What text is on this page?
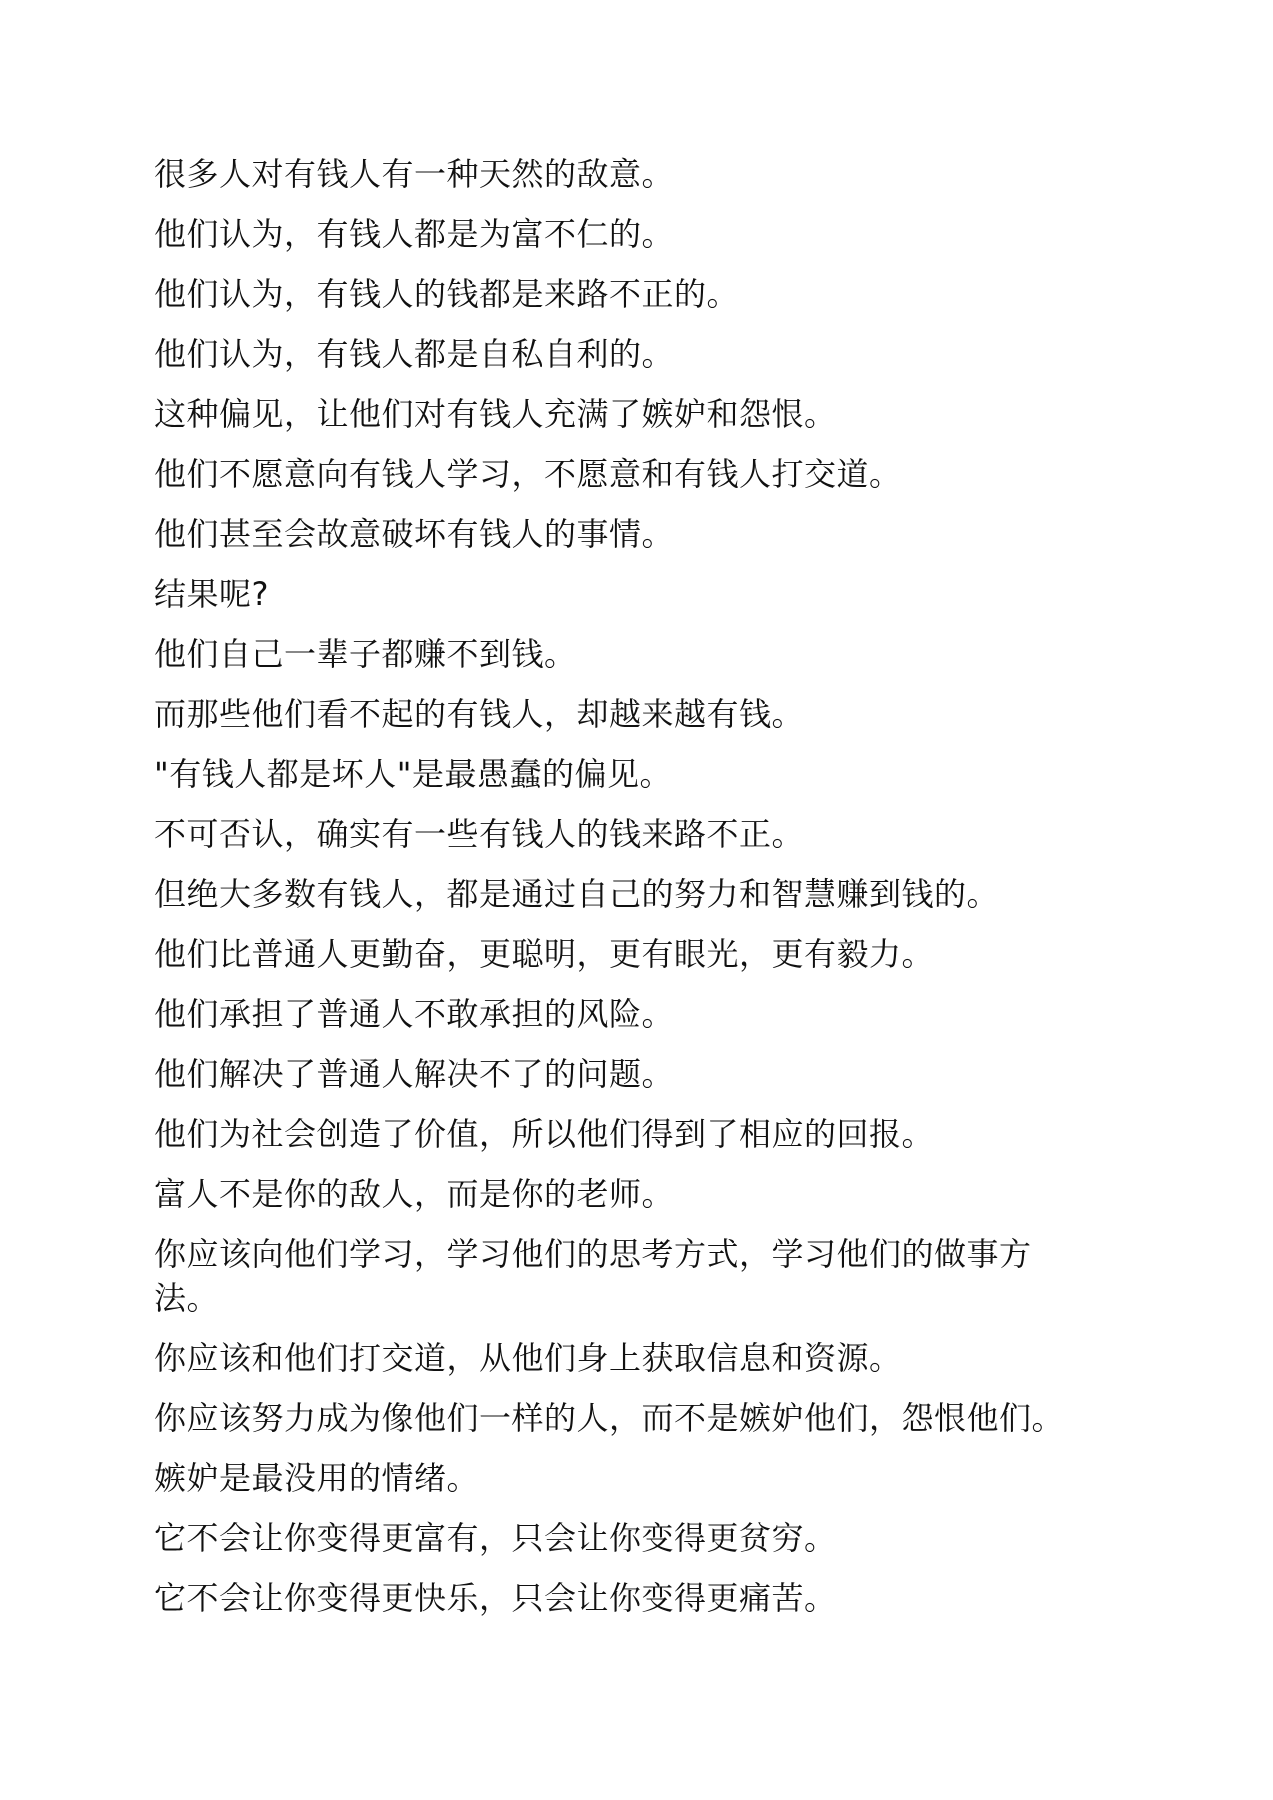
很多人对有钱人有一种天然的敌意。

他们认为，有钱人都是为富不仁的。

他们认为，有钱人的钱都是来路不正的。

他们认为，有钱人都是自私自利的。

这种偏见，让他们对有钱人充满了嫉妒和怨恨。

他们不愿意向有钱人学习，不愿意和有钱人打交道。

他们甚至会故意破坏有钱人的事情。

结果呢?

他们自己一辈子都赚不到钱。

而那些他们看不起的有钱人，却越来越有钱。

"有钱人都是坏人"是最愚蠢的偏见。

不可否认，确实有一些有钱人的钱来路不正。

但绝大多数有钱人，都是通过自己的努力和智慧赚到钱的。

他们比普通人更勤奋，更聪明，更有眼光，更有毅力。

他们承担了普通人不敢承担的风险。

他们解决了普通人解决不了的问题。

他们为社会创造了价值，所以他们得到了相应的回报。

富人不是你的敌人，而是你的老师。

你应该向他们学习，学习他们的思考方式，学习他们的做事方法。

你应该和他们打交道，从他们身上获取信息和资源。

你应该努力成为像他们一样的人，而不是嫉妒他们，怨恨他们。

嫉妒是最没用的情绪。

它不会让你变得更富有，只会让你变得更贫穷。

它不会让你变得更快乐，只会让你变得更痛苦。
